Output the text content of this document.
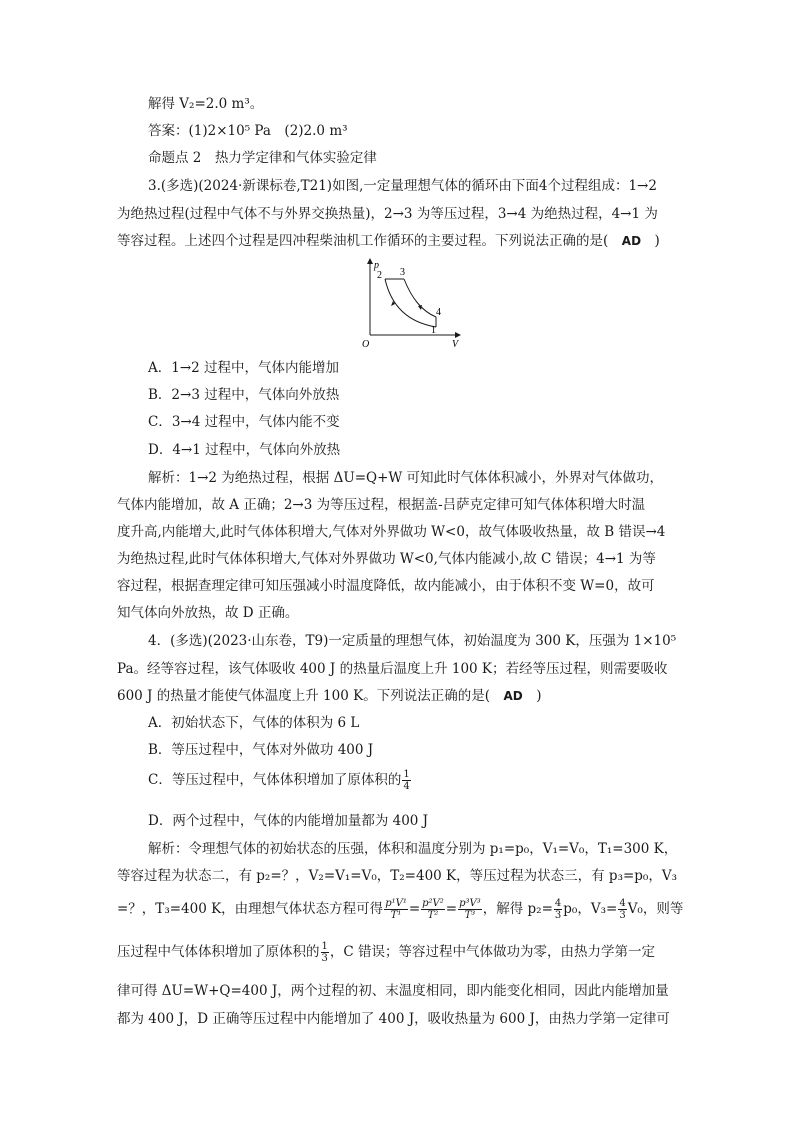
解得 V₂=2.0 m³。
答案：(1)2×10⁵ Pa　(2)2.0 m³
命题点 2　热力学定律和气体实验定律
3.(多选)(2024·新课标卷,T21)如图,一定量理想气体的循环由下面4个过程组成：1→2
为绝热过程(过程中气体不与外界交换热量)，2→3 为等压过程，3→4 为绝热过程，4→1 为
等容过程。上述四个过程是四冲程柴油机工作循环的主要过程。下列说法正确的是(　AD　)
p
V
O
2 3
4
1
A．1→2 过程中，气体内能增加
B．2→3 过程中，气体向外放热
C．3→4 过程中，气体内能不变
D．4→1 过程中，气体向外放热
解析：1→2 为绝热过程，根据 ΔU=Q+W 可知此时气体体积减小，外界对气体做功，
气体内能增加，故 A 正确；2→3 为等压过程，根据盖-吕萨克定律可知气体体积增大时温
度升高,内能增大,此时气体体积增大,气体对外界做功 W<0，故气体吸收热量，故 B 错误→4
为绝热过程,此时气体体积增大,气体对外界做功 W<0,气体内能减小,故 C 错误；4→1 为等
容过程，根据查理定律可知压强减小时温度降低，故内能减小，由于体积不变 W=0，故可
知气体向外放热，故 D 正确。
4．(多选)(2023·山东卷，T9)一定质量的理想气体，初始温度为 300 K，压强为 1×10⁵
Pa。经等容过程，该气体吸收 400 J 的热量后温度上升 100 K；若经等压过程，则需要吸收
600 J 的热量才能使气体温度上升 100 K。下列说法正确的是(　AD　)
A．初始状态下，气体的体积为 6 L
B．等压过程中，气体对外做功 400 J
C．等压过程中，气体体积增加了原体积的 $\frac{1}{4}$
D．两个过程中，气体的内能增加量都为 400 J
解析：令理想气体的初始状态的压强，体积和温度分别为 p₁=p₀，V₁=V₀，T₁=300 K，
等容过程为状态二，有 p₂=？，V₂=V₁=V₀，T₂=400 K，等压过程为状态三，有 p₃=p₀，V₃
=？，T₃=400 K，由理想气体状态方程可得 $\frac{\text{p¹V¹}}{\text{T¹}} = \frac{\text{p²V²}}{\text{T²}} = \frac{\text{p³V³}}{\text{T³}}$ ，解得 $p_2= \frac{4}{3} p_0$，$V_3= \frac{4}{3} V_0$，则等
压过程中气体体积增加了原体积的 $\frac{1}{3}$ ，C 错误；等容过程中气体做功为零，由热力学第一定
律可得 ΔU=W+Q=400 J，两个过程的初、末温度相同，即内能变化相同，因此内能增加量
都为 400 J，D 正确等压过程中内能增加了 400 J，吸收热量为 600 J，由热力学第一定律可
